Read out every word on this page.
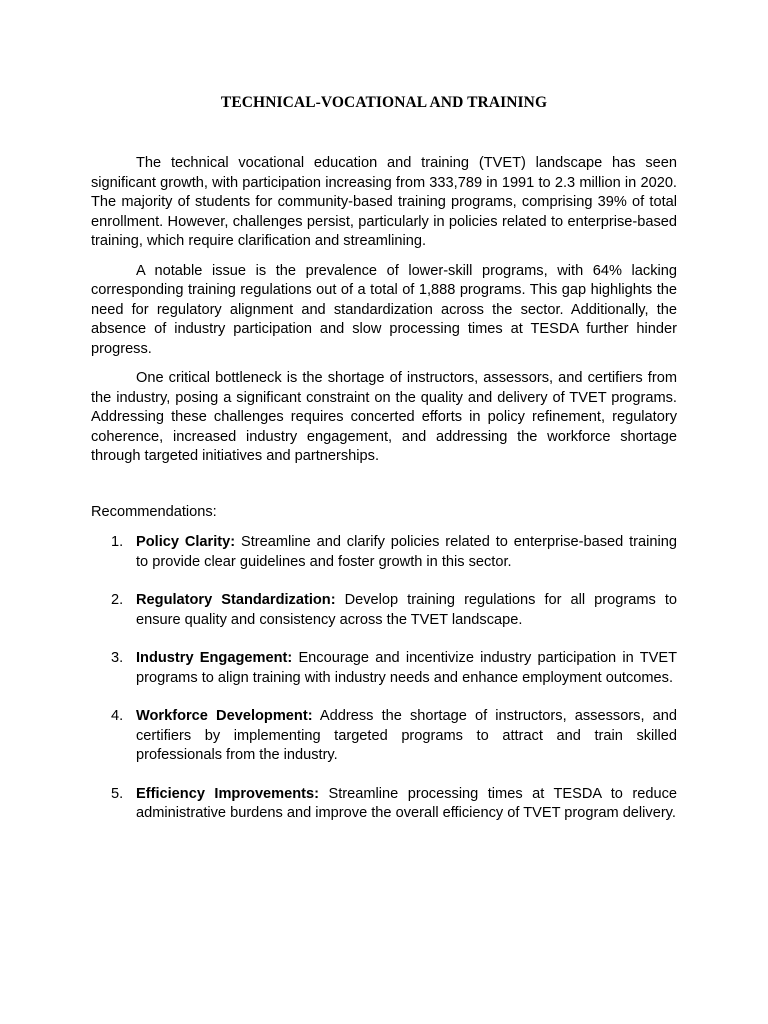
TECHNICAL-VOCATIONAL AND TRAINING

The technical vocational education and training (TVET) landscape has seen significant growth, with participation increasing from 333,789 in 1991 to 2.3 million in 2020. The majority of students for community-based training programs, comprising 39% of total enrollment. However, challenges persist, particularly in policies related to enterprise-based training, which require clarification and streamlining.

A notable issue is the prevalence of lower-skill programs, with 64% lacking corresponding training regulations out of a total of 1,888 programs. This gap highlights the need for regulatory alignment and standardization across the sector. Additionally, the absence of industry participation and slow processing times at TESDA further hinder progress.

One critical bottleneck is the shortage of instructors, assessors, and certifiers from the industry, posing a significant constraint on the quality and delivery of TVET programs. Addressing these challenges requires concerted efforts in policy refinement, regulatory coherence, increased industry engagement, and addressing the workforce shortage through targeted initiatives and partnerships.

Recommendations:

1. Policy Clarity: Streamline and clarify policies related to enterprise-based training to provide clear guidelines and foster growth in this sector.
2. Regulatory Standardization: Develop training regulations for all programs to ensure quality and consistency across the TVET landscape.
3. Industry Engagement: Encourage and incentivize industry participation in TVET programs to align training with industry needs and enhance employment outcomes.
4. Workforce Development: Address the shortage of instructors, assessors, and certifiers by implementing targeted programs to attract and train skilled professionals from the industry.
5. Efficiency Improvements: Streamline processing times at TESDA to reduce administrative burdens and improve the overall efficiency of TVET program delivery.
